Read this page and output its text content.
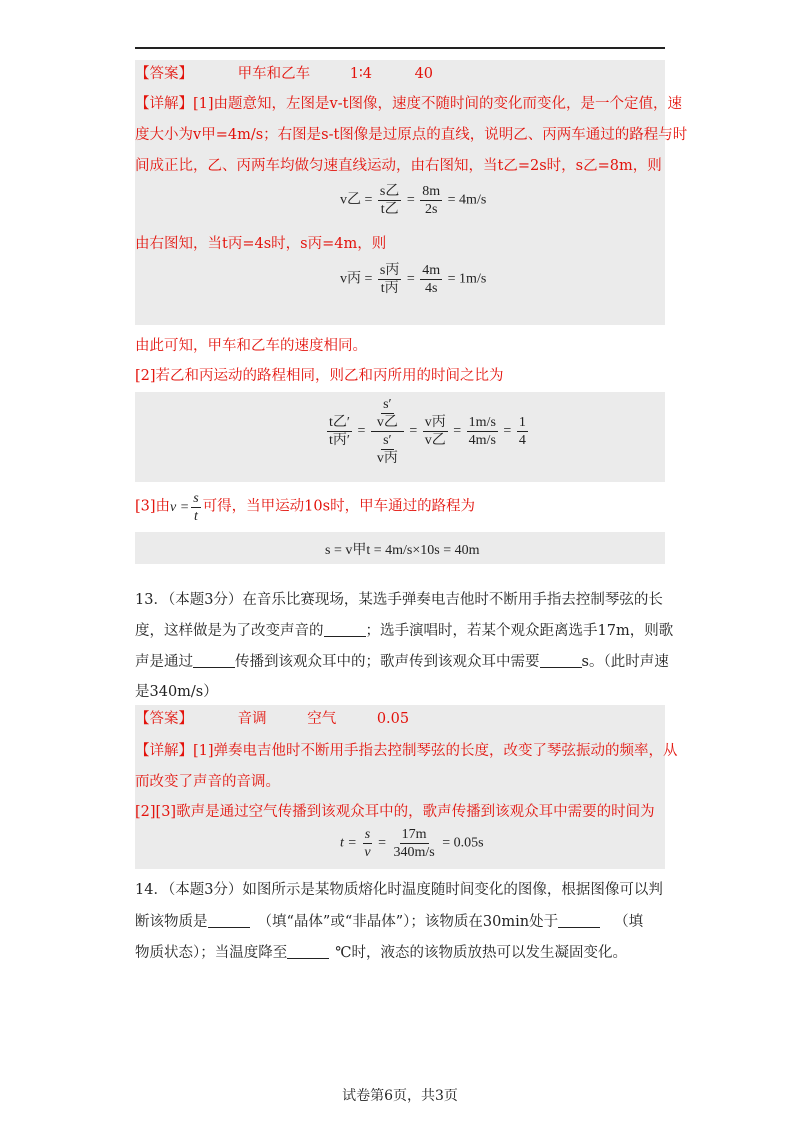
【答案】	甲车和乙车	1∶4	40
【详解】[1]由题意知，左图是v-t图像，速度不随时间的变化而变化，是一个定值，速
度大小为v甲=4m/s；右图是s-t图像是过原点的直线，说明乙、丙两车通过的路程与时
间成正比，乙、丙两车均做匀速直线运动，由右图知，当t乙=2s时，s乙=8m，则
v乙 = $\frac{\text{s乙}}{\text{t乙}} = \frac{8m}{2s} = 4m/s$
由右图知，当t丙=4s时，s丙=4m，则
v丙 = $\frac{\text{s丙}}{\text{t丙}} = \frac{4m}{4s} = 1m/s$
由此可知，甲车和乙车的速度相同。
[2]若乙和丙运动的路程相同，则乙和丙所用的时间之比为
$\frac{\text{t乙′}}{\text{t丙′}} = \frac{\frac{s'}{\text{v乙}}}{\frac{s'}{\text{v丙}}} = \frac{\text{v丙}}{\text{v乙}} = \frac{1m/s}{4m/s} = \frac{1}{4}$
[3]由$v = \frac{s}{t}$ 可得，当甲运动10s时，甲车通过的路程为
s = v甲t = 4m/s×10s = 40m
13．（本题3分）在音乐比赛现场，某选手弹奏电吉他时不断用手指去控制琴弦的长
度，这样做是为了改变声音的	；选手演唱时，若某个观众距离选手17m，则歌
声是通过	传播到该观众耳中的；歌声传到该观众耳中需要	s。（此时声速
是340m/s）
【答案】	音调	空气	0.05
【详解】[1]弹奏电吉他时不断用手指去控制琴弦的长度，改变了琴弦振动的频率，从
而改变了声音的音调。
[2][3]歌声是通过空气传播到该观众耳中的，歌声传播到该观众耳中需要的时间为
$t = \frac{s}{v} = \frac{17m}{340m/s} = 0.05s$
14．（本题3分）如图所示是某物质熔化时温度随时间变化的图像，根据图像可以判
断该物质是	（填“晶体”或“非晶体”）；该物质在30min处于	（填
物质状态）；当温度降至	℃时，液态的该物质放热可以发生凝固变化。
试卷第6页，共3页
